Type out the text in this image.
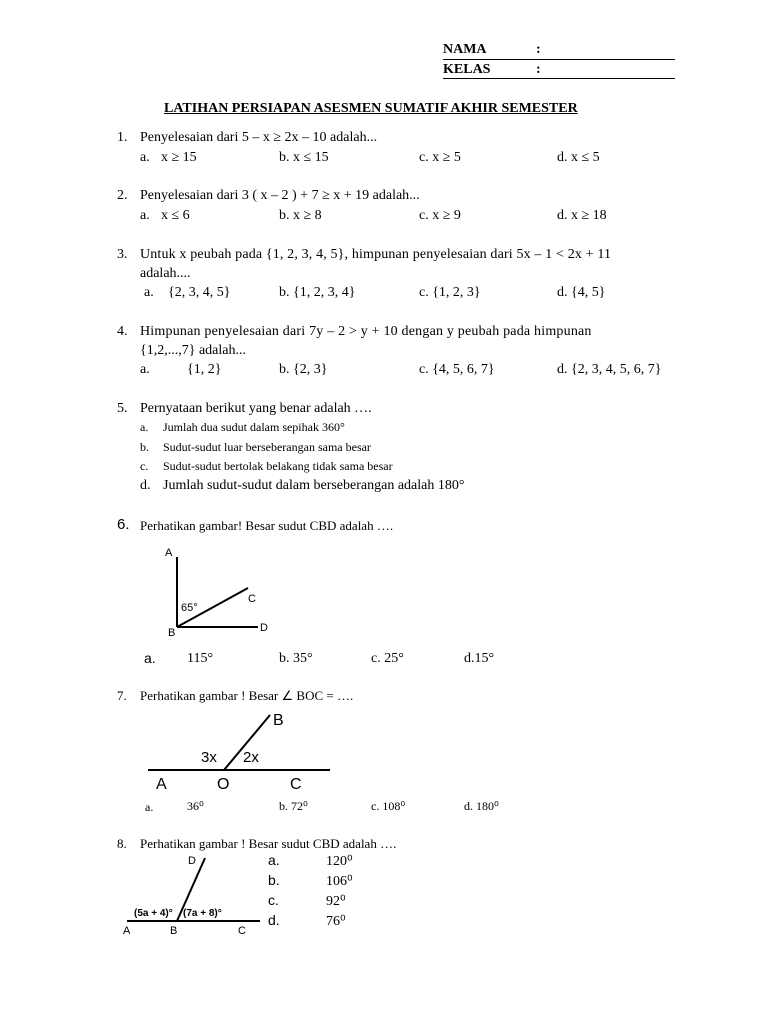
NAMA	:
KELAS	:
LATIHAN PERSIAPAN ASESMEN SUMATIF AKHIR SEMESTER
1. Penyelesaian dari 5 – x ≥ 2x – 10 adalah...
a. x ≥ 15	b. x ≤ 15	c. x ≥ 5	d. x ≤ 5
2. Penyelesaian dari 3 ( x – 2 ) + 7 ≥ x + 19 adalah...
a. x ≤ 6	b. x ≥ 8	c. x ≥ 9	d. x ≥ 18
3. Untuk x peubah pada {1, 2, 3, 4, 5}, himpunan penyelesaian dari 5x – 1 < 2x + 11
adalah....
a. {2, 3, 4, 5}	b. {1, 2, 3, 4}	c. {1, 2, 3}	d. {4, 5}
4. Himpunan penyelesaian dari 7y – 2 > y + 10 dengan y peubah pada himpunan
{1,2,...,7} adalah...
a.	{1, 2}	b. {2, 3}	c. {4, 5, 6, 7}	d. {2, 3, 4, 5, 6, 7}
5. Pernyataan berikut yang benar adalah ….
a. Jumlah dua sudut dalam sepihak 360°
b. Sudut-sudut luar berseberangan sama besar
c. Sudut-sudut bertolak belakang tidak sama besar
d. Jumlah sudut-sudut dalam berseberangan adalah 180°
6. Perhatikan gambar! Besar sudut CBD adalah ….
A
B
C
D
65°
a. 115°	b. 35°	c. 25°	d.15°
7. Perhatikan gambar ! Besar ∠ BOC = ….
B
3x 2x
A	O	C
a.	36⁰	b. 72⁰	c. 108⁰	d. 180⁰
8. Perhatikan gambar ! Besar sudut CBD adalah ….
D
(5a + 4)° (7a + 8)°
A	B	C
a.	120⁰
b.	106⁰
c.	92⁰
d.	76⁰
